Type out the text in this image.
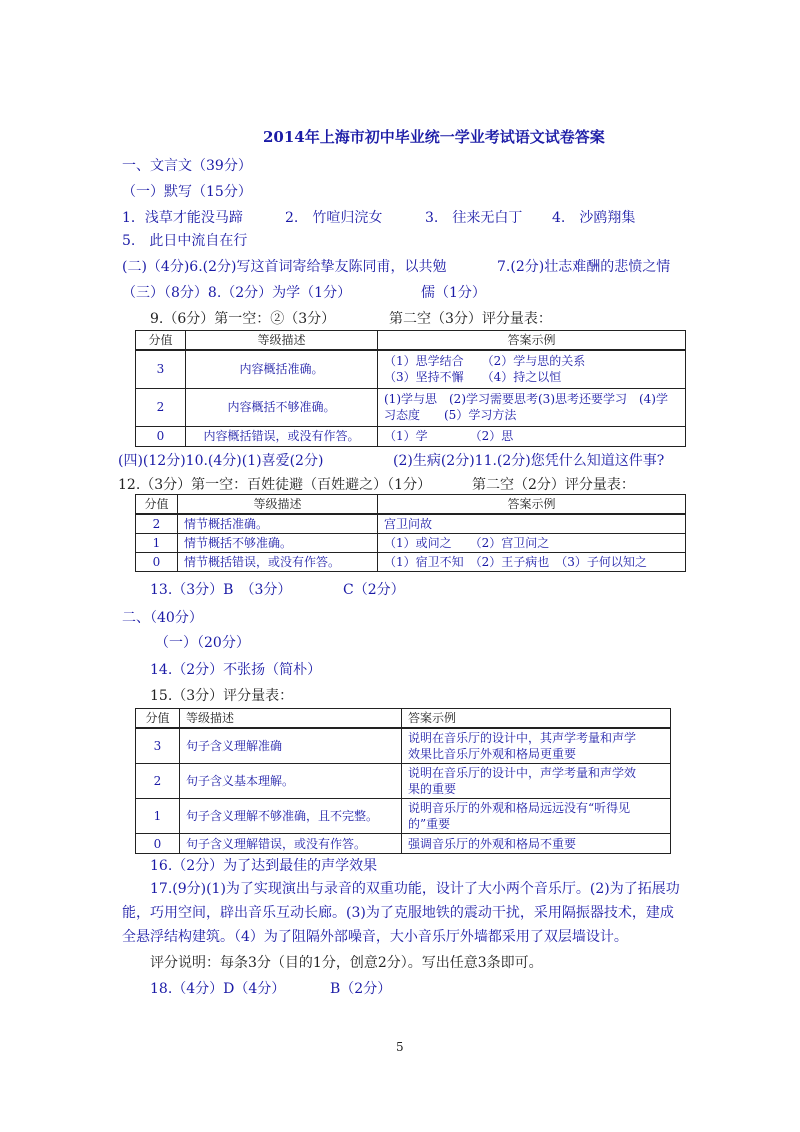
2014年上海市初中毕业统一学业考试语文试卷答案
一、文言文（39分）
（一）默写（15分）
1．浅草才能没马蹄	2.　竹喧归浣女	3.　往来无白丁 4.　沙鸥翔集
5.　此日中流自在行
(二)（4分)6.(2分)写这首词寄给挚友陈同甫，以共勉	7.(2分)壮志难酬的悲愤之情
（三）（8分）8.（2分）为学（1分）	儒（1分）
9.（6分）第一空：②（3分）	第二空（3分）评分量表：
分值	等级描述	答案示例
3	内容概括准确。	（1）思学结合　　（2）学与思的关系
（3）坚持不懈　　（4）持之以恒

2	内容概括不够准确。	(1)学与思　(2)学习需要思考(3)思考还要学习　(4)学
习态度　　(5）学习方法

0	内容概括错误，或没有作答。	（1）学　　　　（2）思
(四)(12分)10.(4分)(1)喜爱(2分)	(2)生病(2分)11.(2分)您凭什么知道这件事?
12.（3分）第一空：百姓徒避（百姓避之）（1分）	第二空（2分）评分量表：
分值	等级描述	答案示例
2	情节概括准确。	宫卫问故
1	情节概括不够准确。	（1）或问之　　（2）宫卫问之
0	情节概括错误，或没有作答。	（1）宿卫不知　（2）王子病也　（3）子何以知之
13.（3分）B　（3分）	C（2分）
二、（40分）
（一）（20分）
14.（2分）不张扬（简朴）
15.（3分）评分量表：
分值	等级描述	答案示例
3	句子含义理解准确	说明在音乐厅的设计中，其声学考量和声学
效果比音乐厅外观和格局更重要

2	句子含义基本理解。	说明在音乐厅的设计中，声学考量和声学效
果的重要

1	句子含义理解不够准确，且不完整。	说明音乐厅的外观和格局远远没有“听得见
的”重要

0	句子含义理解错误，或没有作答。	强调音乐厅的外观和格局不重要
16.（2分）为了达到最佳的声学效果
17.(9分)(1)为了实现演出与录音的双重功能，设计了大小两个音乐厅。(2)为了拓展功能，巧用空间，辟出音乐互动长廊。(3)为了克服地铁的震动干扰，采用隔振器技术，建成全悬浮结构建筑。（4）为了阻隔外部噪音，大小音乐厅外墙都采用了双层墙设计。
评分说明：每条3分（目的1分，创意2分）。写出任意3条即可。
18.（4分）D（4分）	B（2分）
5
